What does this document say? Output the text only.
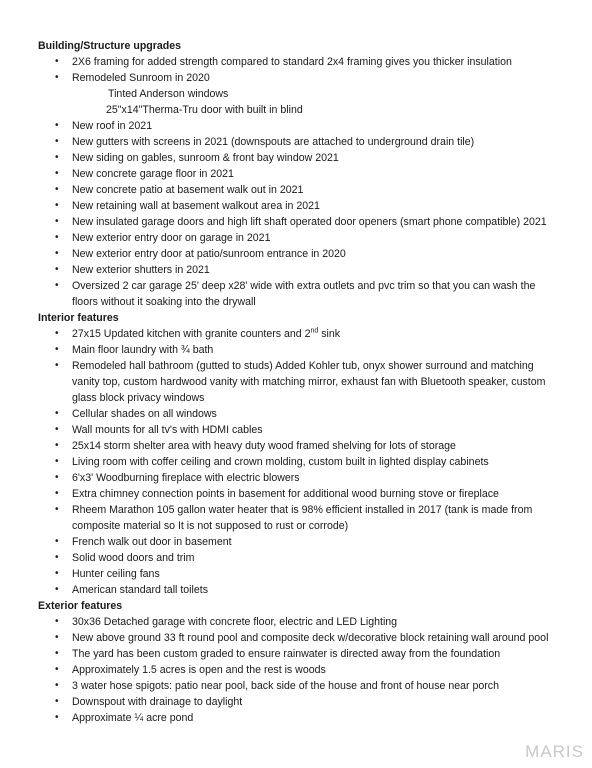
Building/Structure upgrades

• 2X6 framing for added strength compared to standard 2x4 framing gives you thicker insulation
• Remodeled Sunroom in 2020
Tinted Anderson windows
25"x14"Therma-Tru door with built in blind
• New roof in 2021
• New gutters with screens in 2021 (downspouts are attached to underground drain tile)
• New siding on gables, sunroom & front bay window 2021
• New concrete garage floor in 2021
• New concrete patio at basement walk out in 2021
• New retaining wall at basement walkout area in 2021
• New insulated garage doors and high lift shaft operated door openers (smart phone compatible) 2021
• New exterior entry door on garage in 2021
• New exterior entry door at patio/sunroom entrance in 2020
• New exterior shutters in 2021
• Oversized 2 car garage 25' deep x28' wide with extra outlets and pvc trim so that you can wash the
floors without it soaking into the drywall

Interior features

• 27x15 Updated kitchen with granite counters and 2nd sink
• Main floor laundry with ¾ bath
• Remodeled hall bathroom (gutted to studs) Added Kohler tub, onyx shower surround and matching
vanity top, custom hardwood vanity with matching mirror, exhaust fan with Bluetooth speaker, custom
glass block privacy windows
• Cellular shades on all windows
• Wall mounts for all tv's with HDMI cables
• 25x14 storm shelter area with heavy duty wood framed shelving for lots of storage
• Living room with coffer ceiling and crown molding, custom built in lighted display cabinets
• 6'x3' Woodburning fireplace with electric blowers
• Extra chimney connection points in basement for additional wood burning stove or fireplace
• Rheem Marathon 105 gallon water heater that is 98% efficient installed in 2017 (tank is made from
composite material so It is not supposed to rust or corrode)
• French walk out door in basement
• Solid wood doors and trim
• Hunter ceiling fans
• American standard tall toilets

Exterior features

• 30x36 Detached garage with concrete floor, electric and LED Lighting
• New above ground 33 ft round pool and composite deck w/decorative block retaining wall around pool
• The yard has been custom graded to ensure rainwater is directed away from the foundation
• Approximately 1.5 acres is open and the rest is woods
• 3 water hose spigots: patio near pool, back side of the house and front of house near porch
• Downspout with drainage to daylight
• Approximate ¼ acre pond
MARIS
